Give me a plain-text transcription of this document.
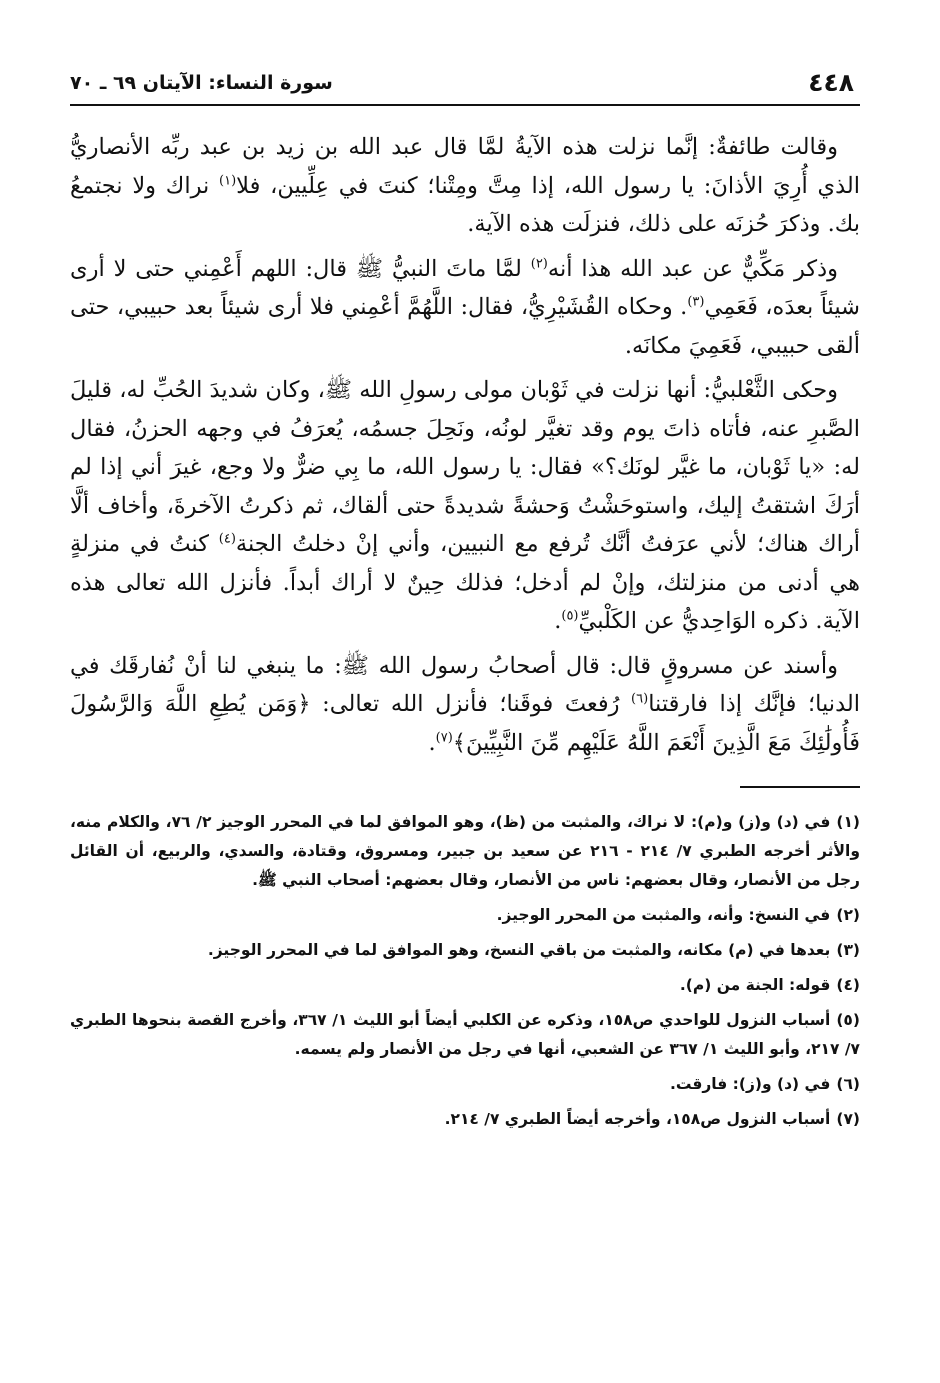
٤٤٨
سورة النساء: الآيتان ٦٩ ـ ٧٠

وقالت طائفةٌ: إنَّما نزلت هذه الآيةُ لمَّا قال عبد الله بن زيد بن عبد ربِّه الأنصاريُّ الذي أُرِيَ الأذانَ: يا رسول الله، إذا مِتَّ ومِتْنا؛ كنتَ في عِلِّيين، فلا$^{(١)}$ نراك ولا نجتمعُ بك. وذكرَ حُزنَه على ذلك، فنزلَت هذه الآية.

وذكر مَكِّيٌّ عن عبد الله هذا أنه$^{(٢)}$ لمَّا ماتَ النبيُّ ﷺ قال: اللهم أَعْمِني حتى لا أرى شيئاً بعدَه، فَعَمِي$^{(٣)}$. وحكاه القُشَيْرِيُّ، فقال: اللَّهُمَّ أعْمِني فلا أرى شيئاً بعد حبيبي، حتى ألقى حبيبي، فَعَمِيَ مكانَه.

وحكى الثَّعْلبيُّ: أنها نزلت في ثَوْبان مولى رسولِ الله ﷺ، وكان شديدَ الحُبِّ له، قليلَ الصَّبرِ عنه، فأتاه ذاتَ يوم وقد تغيَّر لونُه، ونَحِلَ جسمُه، يُعرَفُ في وجهه الحزنُ، فقال له: «يا ثَوْبان، ما غيَّر لونَك؟» فقال: يا رسول الله، ما بِي ضرٌّ ولا وجع، غيرَ أني إذا لم أرَكَ اشتقتُ إليك، واستوحَشْتُ وَحشةً شديدةً حتى ألقاك، ثم ذكرتُ الآخرةَ، وأخاف ألَّا أراك هناك؛ لأني عرَفتُ أنَّك تُرفع مع النبيين، وأني إنْ دخلتُ الجنة$^{(٤)}$ كنتُ في منزلةٍ هي أدنى من منزلتك، وإنْ لم أدخل؛ فذلك حِينٌ لا أراك أبداً. فأنزل الله تعالى هذه الآية. ذكره الوَاحِديُّ عن الكَلْبيِّ$^{(٥)}$.

وأسند عن مسروقٍ قال: قال أصحابُ رسول الله ﷺ: ما ينبغي لنا أنْ نُفارقَك في الدنيا؛ فإنَّك إذا فارقتنا$^{(٦)}$ رُفعتَ فوقَنا؛ فأنزل الله تعالى: ﴿وَمَن يُطِعِ اللَّهَ وَالرَّسُولَ فَأُولَٰئِكَ مَعَ الَّذِينَ أَنْعَمَ اللَّهُ عَلَيْهِم مِّنَ النَّبِيِّينَ﴾$^{(٧)}$.

(١)في (د) و(ز) و(م): لا نراك، والمثبت من (ظ)، وهو الموافق لما في المحرر الوجيز ٢/ ٧٦، والكلام منه، والأثر أخرجه الطبري ٧/ ٢١٤ - ٢١٦ عن سعيد بن جبير، ومسروق، وقتادة، والسدي، والربيع، أن القائل رجل من الأنصار، وقال بعضهم: ناس من الأنصار، وقال بعضهم: أصحاب النبي ﷺ.
(٢)في النسخ: وأنه، والمثبت من المحرر الوجيز.
(٣)بعدها في (م) مكانه، والمثبت من باقي النسخ، وهو الموافق لما في المحرر الوجيز.
(٤)قوله: الجنة من (م).
(٥)أسباب النزول للواحدي ص١٥٨، وذكره عن الكلبي أيضاً أبو الليث ١/ ٣٦٧، وأخرج القصة بنحوها الطبري ٧/ ٢١٧، وأبو الليث ١/ ٣٦٧ عن الشعبي، أنها في رجل من الأنصار ولم يسمه.
(٦)في (د) و(ز): فارقت.
(٧)أسباب النزول ص١٥٨، وأخرجه أيضاً الطبري ٧/ ٢١٤.
